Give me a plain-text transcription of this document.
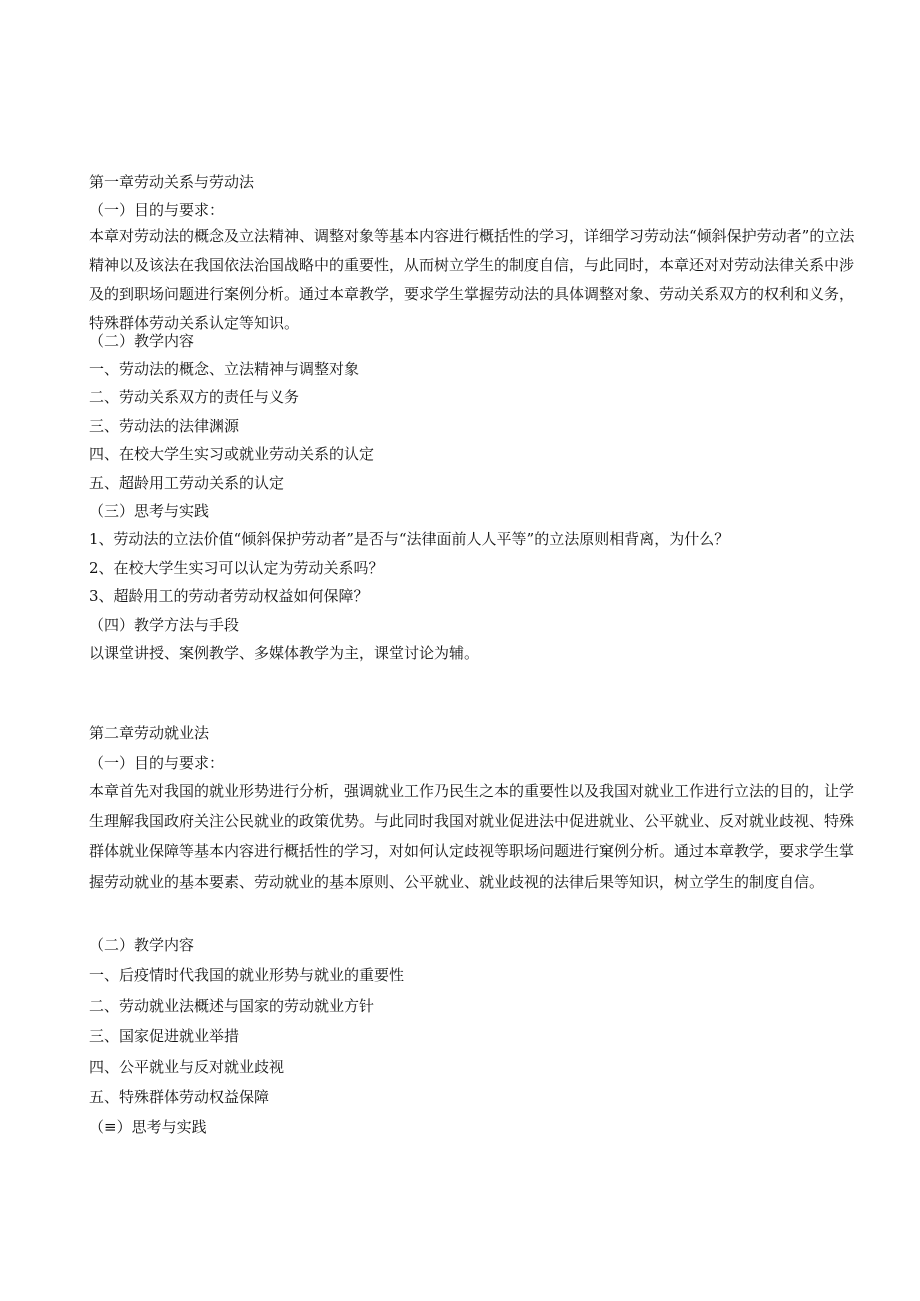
第一章劳动关系与劳动法
（一）目的与要求：

本章对劳动法的概念及立法精神、调整对象等基本内容进行概括性的学习，详细学习劳动法“倾斜保护劳动者”的立法精神以及该法在我国依法治国战略中的重要性，从而树立学生的制度自信，与此同时，本章还对对劳动法律关系中涉及的到职场问题进行案例分析。通过本章教学，要求学生掌握劳动法的具体调整对象、劳动关系双方的权利和义务，特殊群体劳动关系认定等知识。

（二）教学内容
一、劳动法的概念、立法精神与调整对象
二、劳动关系双方的责任与义务
三、劳动法的法律渊源
四、在校大学生实习或就业劳动关系的认定
五、超龄用工劳动关系的认定
（三）思考与实践
1、劳动法的立法价值“倾斜保护劳动者”是否与“法律面前人人平等”的立法原则相背离，为什么？
2、在校大学生实习可以认定为劳动关系吗？
3、超龄用工的劳动者劳动权益如何保障？
（四）教学方法与手段
以课堂讲授、案例教学、多媒体教学为主，课堂讨论为辅。
第二章劳动就业法
（一）目的与要求：

本章首先对我国的就业形势进行分析，强调就业工作乃民生之本的重要性以及我国对就业工作进行立法的目的，让学生理解我国政府关注公民就业的政策优势。与此同时我国对就业促进法中促进就业、公平就业、反对就业歧视、特殊群体就业保障等基本内容进行概括性的学习，对如何认定歧视等职场问题进行窠例分析。通过本章教学，要求学生掌握劳动就业的基本要素、劳动就业的基本原则、公平就业、就业歧视的法律后果等知识，树立学生的制度自信。

（二）教学内容
一、后疫情时代我国的就业形势与就业的重要性
二、劳动就业法概述与国家的劳动就业方针
三、国家促进就业举措
四、公平就业与反对就业歧视
五、特殊群体劳动权益保障
（≡）思考与实践
